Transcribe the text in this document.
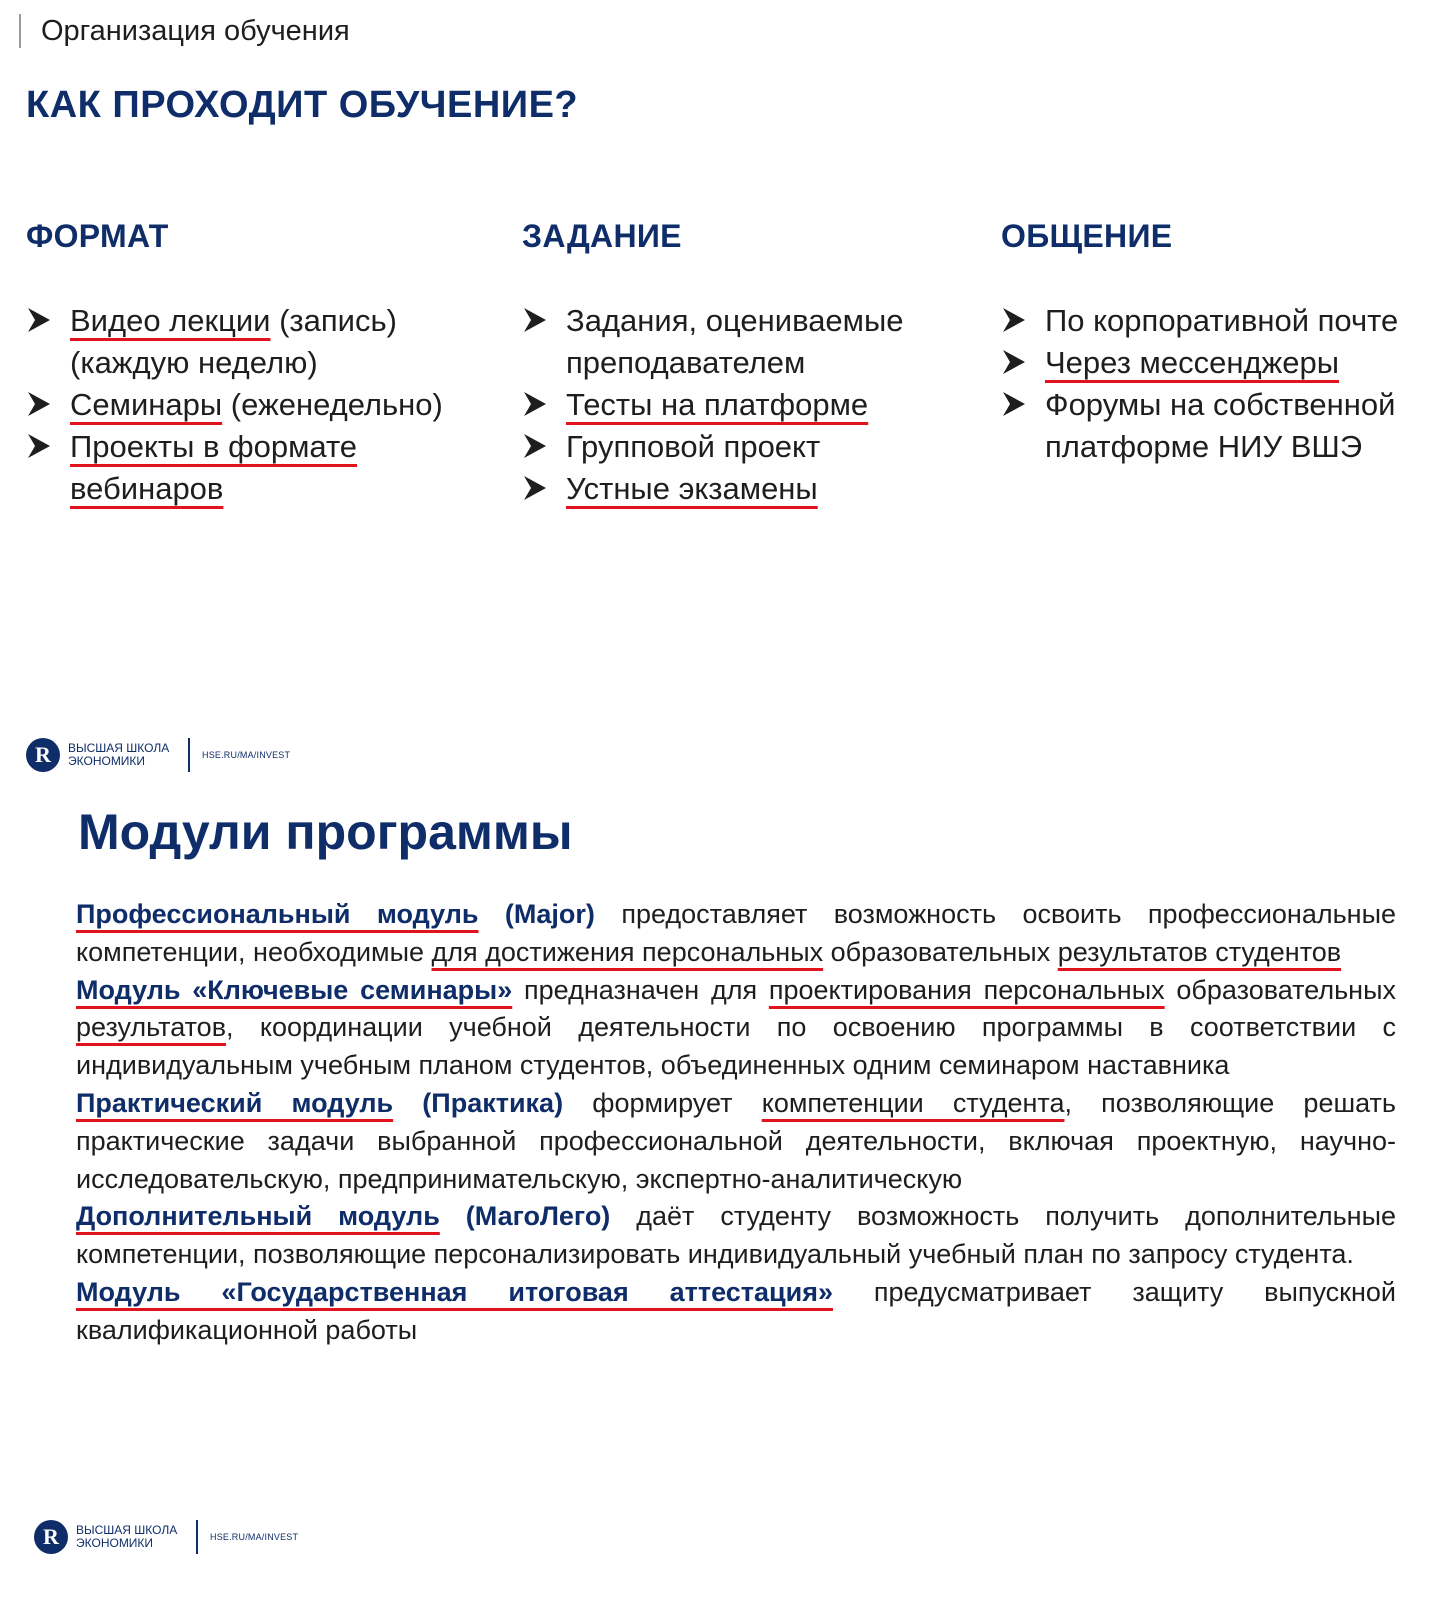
Организация обучения
КАК ПРОХОДИТ ОБУЧЕНИЕ?
ФОРМАТ
Видео лекции (запись) (каждую неделю)
Семинары (еженедельно)
Проекты в формате вебинаров
ЗАДАНИЕ
Задания, оцениваемые преподавателем
Тесты на платформе
Групповой проект
Устные экзамены
ОБЩЕНИЕ
По корпоративной почте
Через мессенджеры
Форумы на собственной платформе НИУ ВШЭ
R	ВЫСШАЯ ШКОЛА
ЭКОНОМИКИ	HSE.RU/MA/INVEST
Модули программы

Профессиональный модуль (Major) предоставляет возможность освоить профессиональные компетенции, необходимые для достижения персональных образовательных результатов студентов

Модуль «Ключевые семинары» предназначен для проектирования персональных образовательных результатов, координации учебной деятельности по освоению программы в соответствии с индивидуальным учебным планом студентов, объединенных одним семинаром наставника

Практический модуль (Практика) формирует компетенции студента, позволяющие решать практические задачи выбранной профессиональной деятельности, включая проектную, научно-исследовательскую, предпринимательскую, экспертно-аналитическую

Дополнительный модуль (МагоЛего) даёт студенту возможность получить дополнительные компетенции, позволяющие персонализировать индивидуальный учебный план по запросу студента.

Модуль «Государственная итоговая аттестация» предусматривает защиту выпускной квалификационной работы

R	ВЫСШАЯ ШКОЛА
ЭКОНОМИКИ	HSE.RU/MA/INVEST
